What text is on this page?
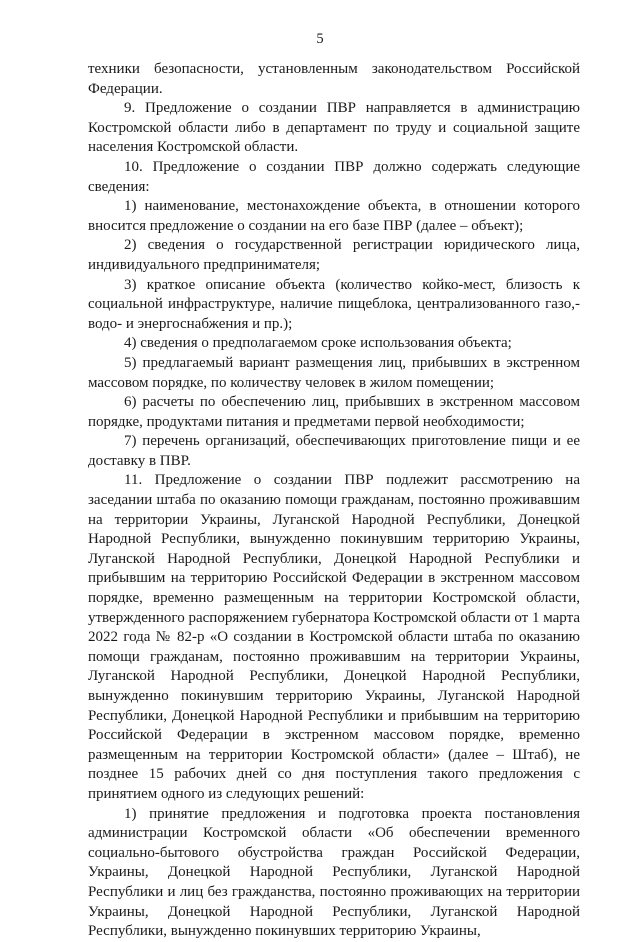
5

техники безопасности, установленным законодательством Российской Федерации.

9. Предложение о создании ПВР направляется в администрацию Костромской области либо в департамент по труду и социальной защите населения Костромской области.

10. Предложение о создании ПВР должно содержать следующие сведения:

1) наименование, местонахождение объекта, в отношении которого вносится предложение о создании на его базе ПВР (далее – объект);

2) сведения о государственной регистрации юридического лица, индивидуального предпринимателя;

3) краткое описание объекта (количество койко-мест, близость к социальной инфраструктуре, наличие пищеблока, централизованного газо,-водо- и энергоснабжения и пр.);

4) сведения о предполагаемом сроке использования объекта;

5) предлагаемый вариант размещения лиц, прибывших в экстренном массовом порядке, по количеству человек в жилом помещении;

6) расчеты по обеспечению лиц, прибывших в экстренном массовом порядке, продуктами питания и предметами первой необходимости;

7) перечень организаций, обеспечивающих приготовление пищи и ее доставку в ПВР.

11. Предложение о создании ПВР подлежит рассмотрению на заседании штаба по оказанию помощи гражданам, постоянно проживавшим на территории Украины, Луганской Народной Республики, Донецкой Народной Республики, вынужденно покинувшим территорию Украины, Луганской Народной Республики, Донецкой Народной Республики и прибывшим на территорию Российской Федерации в экстренном массовом порядке, временно размещенным на территории Костромской области, утвержденного распоряжением губернатора Костромской области от 1 марта 2022 года № 82-р «О создании в Костромской области штаба по оказанию помощи гражданам, постоянно проживавшим на территории Украины, Луганской Народной Республики, Донецкой Народной Республики, вынужденно покинувшим территорию Украины, Луганской Народной Республики, Донецкой Народной Республики и прибывшим на территорию Российской Федерации в экстренном массовом порядке, временно размещенным на территории Костромской области» (далее – Штаб), не позднее 15 рабочих дней со дня поступления такого предложения с принятием одного из следующих решений:

1) принятие предложения и подготовка проекта постановления администрации Костромской области «Об обеспечении временного социально-бытового обустройства граждан Российской Федерации, Украины, Донецкой Народной Республики, Луганской Народной Республики и лиц без гражданства, постоянно проживающих на территории Украины, Донецкой Народной Республики, Луганской Народной Республики, вынужденно покинувших территорию Украины,
